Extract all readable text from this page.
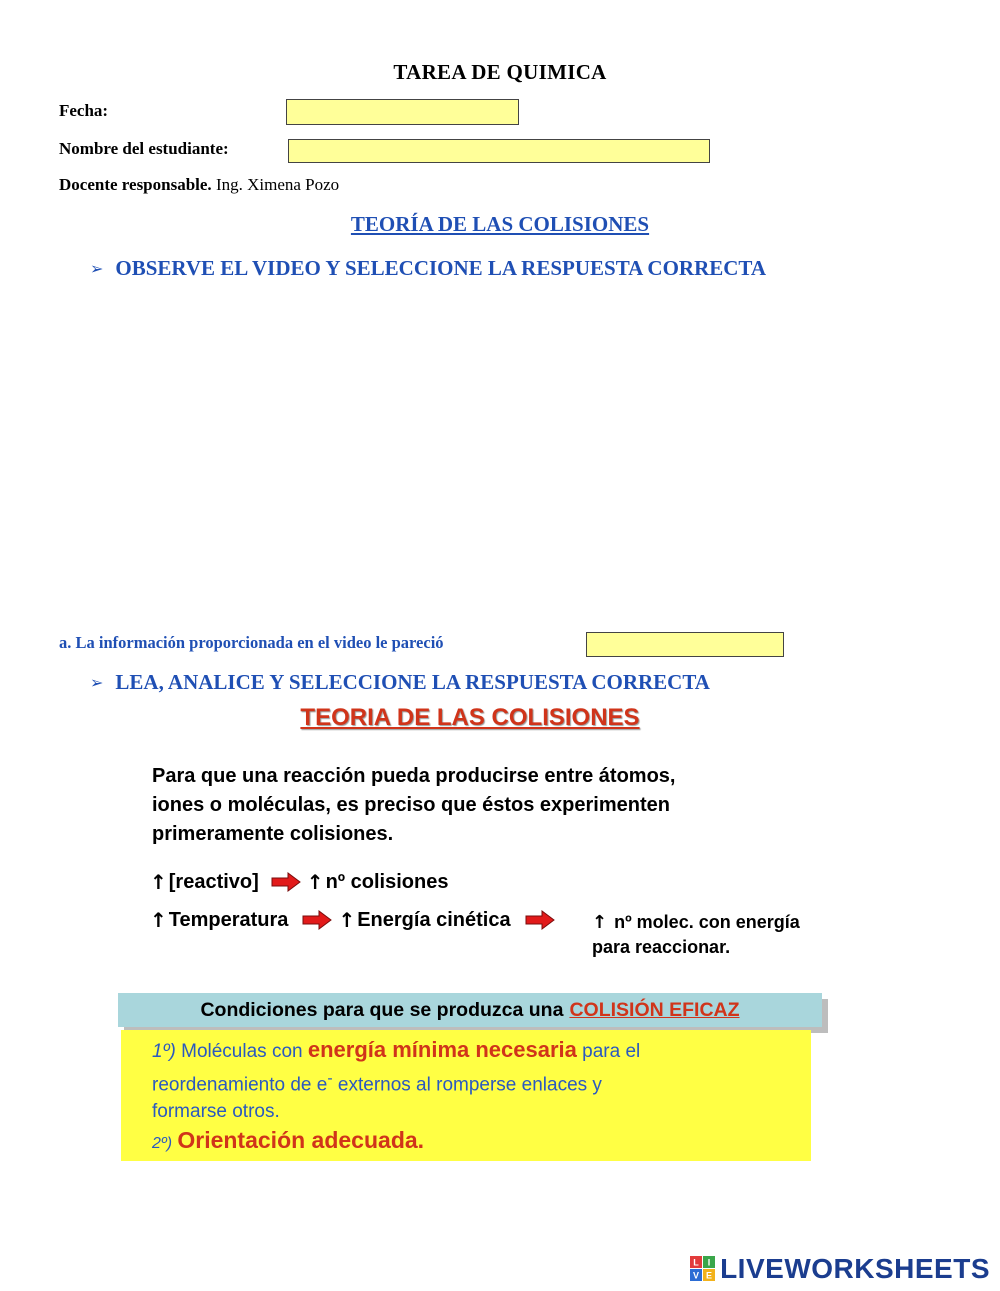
TAREA DE QUIMICA
Fecha:
Nombre del estudiante:
Docente responsable. Ing. Ximena Pozo
TEORÍA DE LAS COLISIONES
➢ OBSERVE EL VIDEO Y SELECCIONE LA RESPUESTA CORRECTA
a. La información proporcionada en el video le pareció
➢ LEA, ANALICE Y SELECCIONE LA RESPUESTA CORRECTA
TEORIA DE LAS COLISIONES
Para que una reacción pueda producirse entre átomos,
iones o moléculas, es preciso que éstos experimenten
primeramente colisiones.
↑ [reactivo] ↑ nº colisiones
↑ Temperatura	↑ Energía cinética	↑ nº molec. con energía
para reaccionar.
Condiciones para que se produzca una COLISIÓN EFICAZ
1º) Moléculas con energía mínima necesaria para el
reordenamiento de e- externos al romperse enlaces y
formarse otros.
2º) Orientación adecuada.
L I
V E LIVEWORKSHEETS
